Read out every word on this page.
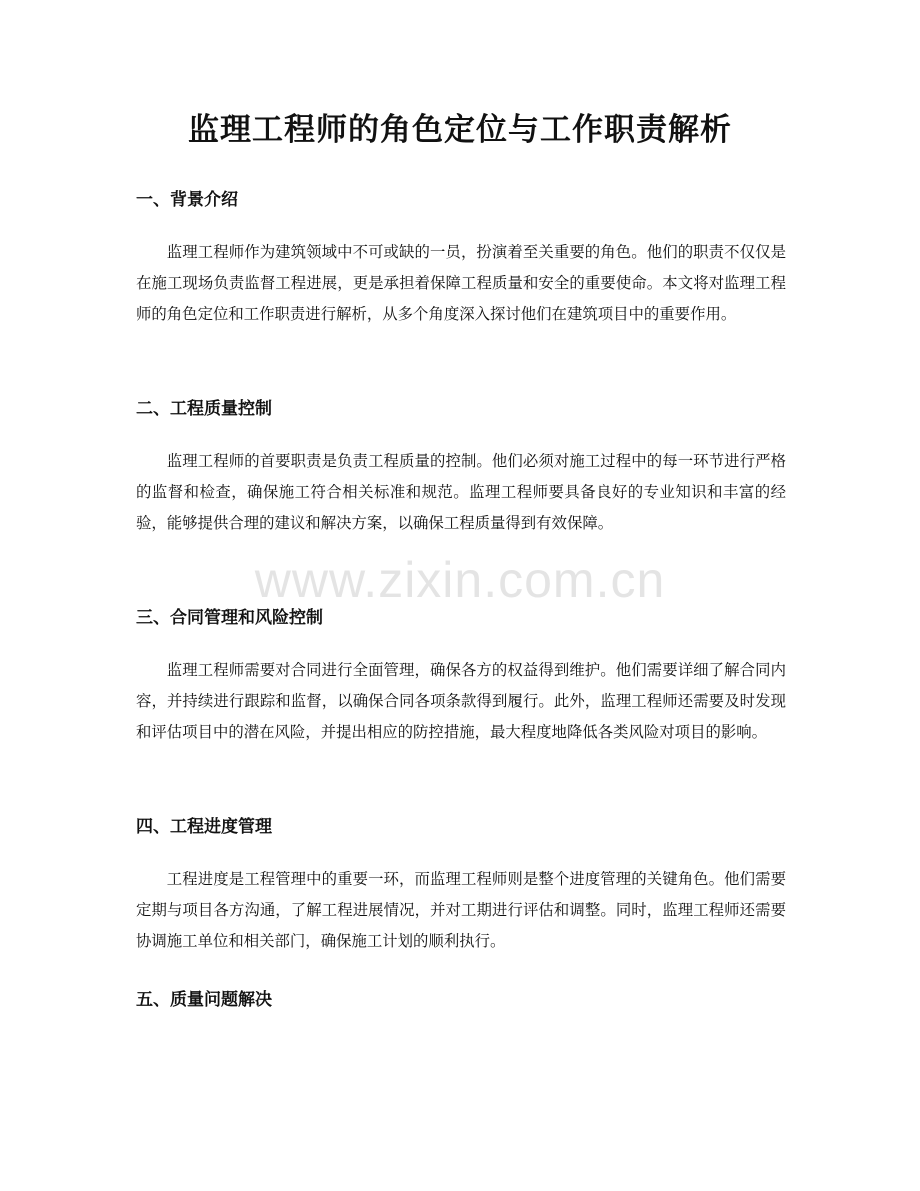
监理工程师的角色定位与工作职责解析
一、背景介绍

监理工程师作为建筑领域中不可或缺的一员，扮演着至关重要的角色。他们的职责不仅仅是在施工现场负责监督工程进展，更是承担着保障工程质量和安全的重要使命。本文将对监理工程师的角色定位和工作职责进行解析，从多个角度深入探讨他们在建筑项目中的重要作用。

二、工程质量控制

监理工程师的首要职责是负责工程质量的控制。他们必须对施工过程中的每一环节进行严格的监督和检查，确保施工符合相关标准和规范。监理工程师要具备良好的专业知识和丰富的经验，能够提供合理的建议和解决方案，以确保工程质量得到有效保障。

三、合同管理和风险控制

监理工程师需要对合同进行全面管理，确保各方的权益得到维护。他们需要详细了解合同内容，并持续进行跟踪和监督，以确保合同各项条款得到履行。此外，监理工程师还需要及时发现和评估项目中的潜在风险，并提出相应的防控措施，最大程度地降低各类风险对项目的影响。

四、工程进度管理

工程进度是工程管理中的重要一环，而监理工程师则是整个进度管理的关键角色。他们需要定期与项目各方沟通，了解工程进展情况，并对工期进行评估和调整。同时，监理工程师还需要协调施工单位和相关部门，确保施工计划的顺利执行。

五、质量问题解决
www.zixin.com.cn
